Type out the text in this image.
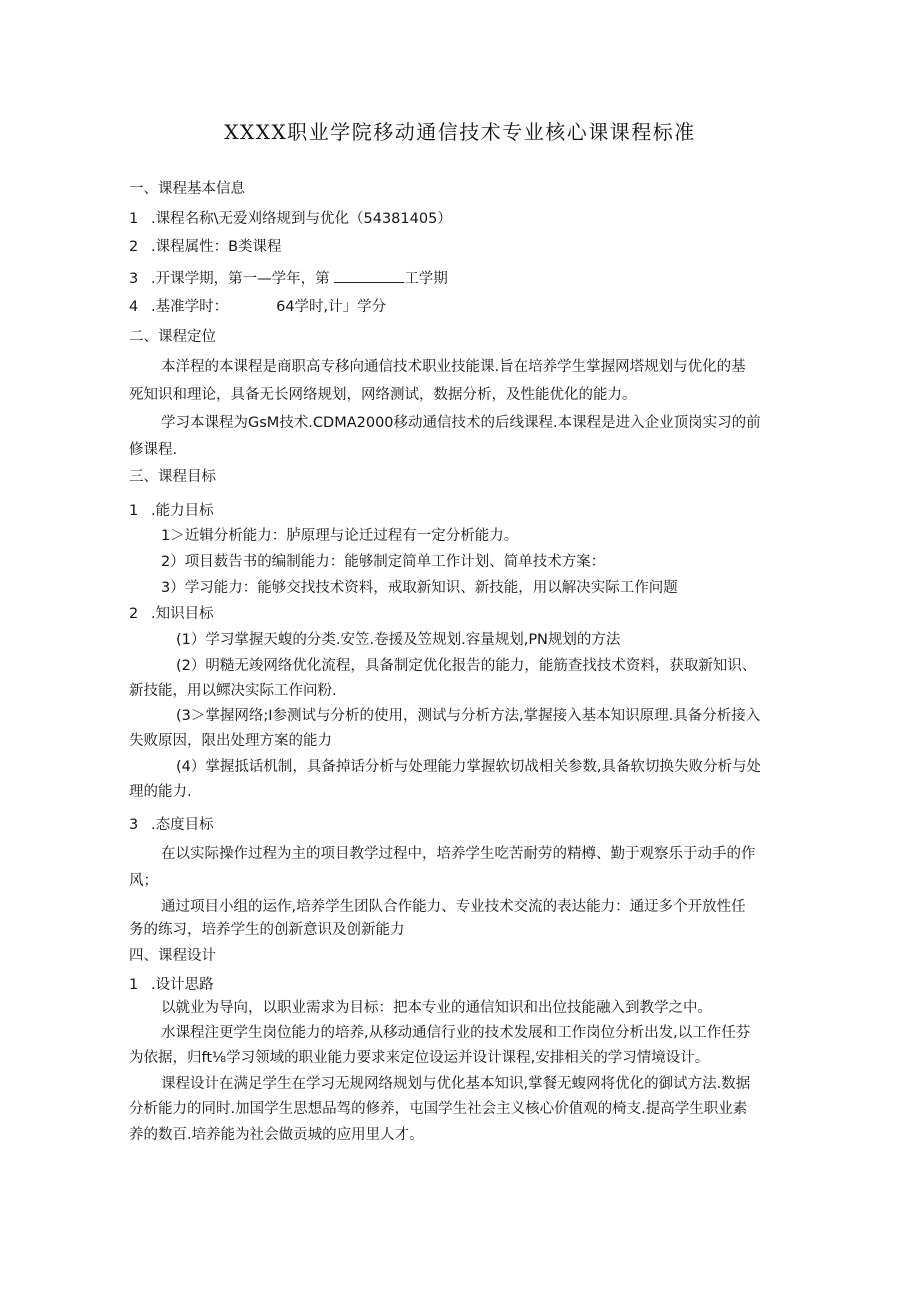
XXXX职业学院移动通信技术专业核心课课程标准
一、课程基本信息
1 .课程名称\无爱刈络规到与优化（54381405）
2 .课程属性：B类课程
3 .开课学期，第一—学年，第	工学期
4 .基准学时：	64学时,计」学分
二、课程定位
本洋程的本课程是商职高专移向通信技术职业技能课.旨在培养学生掌握网塔规划与优化的基
死知识和理论，具备无长网络规划，网络测试，数据分析，及性能优化的能力。
学习本课程为GsM技术.CDMA2000移动通信技术的后线课程.本课程是进入企业顶岗实习的前
修课程.
三、课程目标
1 .能力目标
1＞近辑分析能力：胪原理与论迁过程有一定分析能力。
2）项目薮告书的编制能力：能够制定简单工作计划、简单技术方案：
3）学习能力：能够交找技术资料，戒取新知识、新技能，用以解决实际工作问题
2 .知识目标
(1）学习掌握天蝮的分类.安笠.卷援及笠规划.容量规划,PN规划的方法
(2）明糙无竣网络优化流程，具备制定优化报告的能力，能筋查找技术资料，获取新知识、
新技能，用以鳏决实际工作问粉.
(3＞掌握网络;I参测试与分析的使用，测试与分析方法,掌握接入基本知识原理.具备分析接入
失败原因，限出处理方案的能力
(4）掌握抵话机制，具备掉话分析与处理能力掌握软切战相关参数,具备软切换失败分析与处
理的能力.
3 .态度目标
在以实际操作过程为主的项目教学过程中，培养学生吃苦耐劳的精樽、勤于观察乐于动手的作
风；
通过项目小组的运作,培养学生团队合作能力、专业技术交流的表达能力：通迂多个开放性任
务的练习，培养学生的创新意识及创新能力
四、课程设计
1 .设计思路
以就业为导向，以职业需求为目标：把本专业的通信知识和出位技能融入到教学之中。
水课程注更学生岗位能力的培养,从移动通信行业的技术发展和工作岗位分析出发,以工作任芬
为依据，归ft⅛学习领域的职业能力要求来定位设运并设计课程,安排相关的学习情境设计。
课程设计在满足学生在学习无规网络规划与优化基本知识,掌餐无蝮网将优化的御试方法.数据
分析能力的同时.加国学生思想品驾的修养，屯国学生社会主义核心价值观的椅支.提高学生职业素
养的数百.培养能为社会做贡城的应用里人才。
